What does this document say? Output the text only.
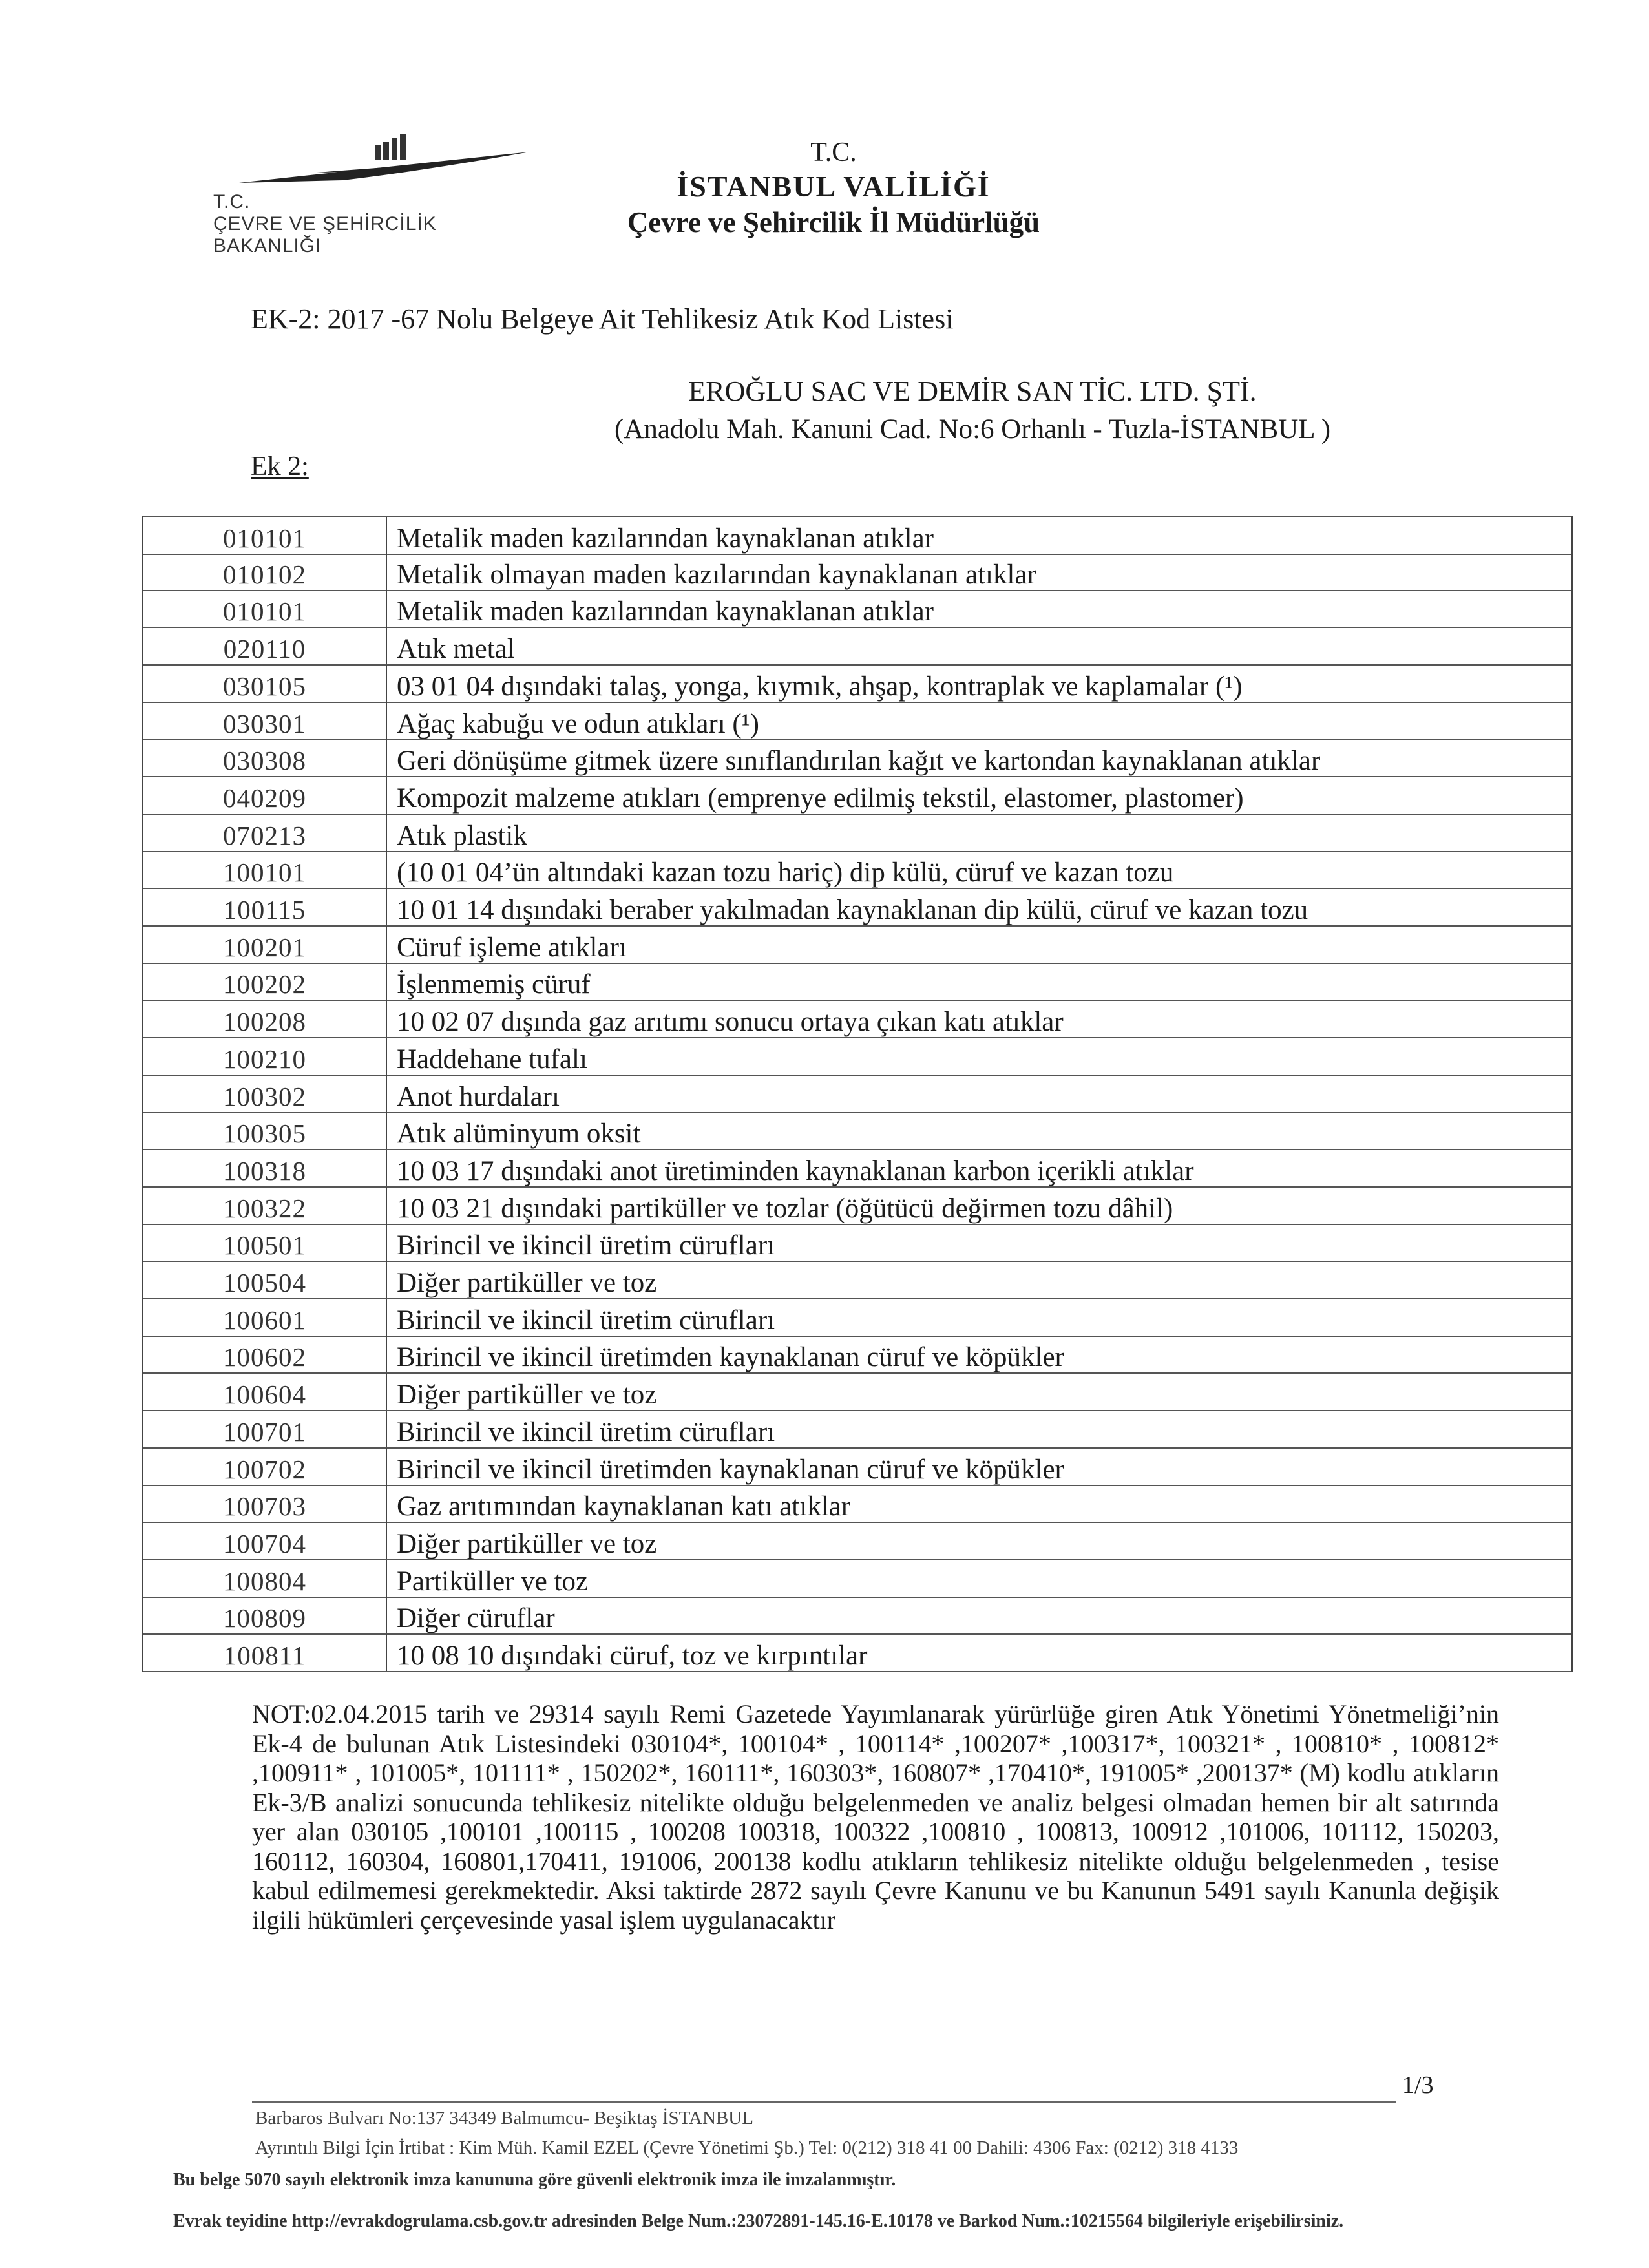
T.C.
ÇEVRE VE ŞEHİRCİLİK
BAKANLIĞI
T.C.
İSTANBUL VALİLİĞİ
Çevre ve Şehircilik İl Müdürlüğü
EK-2: 2017 -67 Nolu Belgeye Ait Tehlikesiz Atık Kod Listesi
EROĞLU SAC VE DEMİR SAN TİC. LTD. ŞTİ.
(Anadolu Mah. Kanuni Cad. No:6 Orhanlı - Tuzla-İSTANBUL )
Ek 2:
010101	Metalik maden kazılarından kaynaklanan atıklar
010102	Metalik olmayan maden kazılarından kaynaklanan atıklar
010101	Metalik maden kazılarından kaynaklanan atıklar
020110	Atık metal
030105	03 01 04 dışındaki talaş, yonga, kıymık, ahşap, kontraplak ve kaplamalar (¹)
030301	Ağaç kabuğu ve odun atıkları (¹)
030308	Geri dönüşüme gitmek üzere sınıflandırılan kağıt ve kartondan kaynaklanan atıklar
040209	Kompozit malzeme atıkları (emprenye edilmiş tekstil, elastomer, plastomer)
070213	Atık plastik
100101	(10 01 04’ün altındaki kazan tozu hariç) dip külü, cüruf ve kazan tozu
100115	10 01 14 dışındaki beraber yakılmadan kaynaklanan dip külü, cüruf ve kazan tozu
100201	Cüruf işleme atıkları
100202	İşlenmemiş cüruf
100208	10 02 07 dışında gaz arıtımı sonucu ortaya çıkan katı atıklar
100210	Haddehane tufalı
100302	Anot hurdaları
100305	Atık alüminyum oksit
100318	10 03 17 dışındaki anot üretiminden kaynaklanan karbon içerikli atıklar
100322	10 03 21 dışındaki partiküller ve tozlar (öğütücü değirmen tozu dâhil)
100501	Birincil ve ikincil üretim cürufları
100504	Diğer partiküller ve toz
100601	Birincil ve ikincil üretim cürufları
100602	Birincil ve ikincil üretimden kaynaklanan cüruf ve köpükler
100604	Diğer partiküller ve toz
100701	Birincil ve ikincil üretim cürufları
100702	Birincil ve ikincil üretimden kaynaklanan cüruf ve köpükler
100703	Gaz arıtımından kaynaklanan katı atıklar
100704	Diğer partiküller ve toz
100804	Partiküller ve toz
100809	Diğer cüruflar
100811	10 08 10 dışındaki cüruf, toz ve kırpıntılar
NOT:02.04.2015 tarih ve 29314 sayılı Remi Gazetede Yayımlanarak yürürlüğe giren Atık Yönetimi Yönetmeliği’nin Ek-4 de bulunan Atık Listesindeki 030104*, 100104* , 100114* ,100207* ,100317*, 100321* , 100810* , 100812* ,100911* , 101005*, 101111* , 150202*, 160111*, 160303*, 160807* ,170410*, 191005* ,200137* (M) kodlu atıkların Ek-3/B analizi sonucunda tehlikesiz nitelikte olduğu belgelenmeden ve analiz belgesi olmadan hemen bir alt satırında yer alan 030105 ,100101 ,100115 , 100208 100318, 100322 ,100810 , 100813, 100912 ,101006, 101112, 150203, 160112, 160304, 160801,170411, 191006, 200138 kodlu atıkların tehlikesiz nitelikte olduğu belgelenmeden , tesise kabul edilmemesi gerekmektedir. Aksi taktirde 2872 sayılı Çevre Kanunu ve bu Kanunun 5491 sayılı Kanunla değişik ilgili hükümleri çerçevesinde yasal işlem uygulanacaktır
1/3
Barbaros Bulvarı No:137 34349 Balmumcu- Beşiktaş İSTANBUL
Ayrıntılı Bilgi İçin İrtibat : Kim Müh. Kamil EZEL (Çevre Yönetimi Şb.) Tel: 0(212) 318 41 00 Dahili: 4306 Fax: (0212) 318 4133
Bu belge 5070 sayılı elektronik imza kanununa göre güvenli elektronik imza ile imzalanmıştır.
Evrak teyidine http://evrakdogrulama.csb.gov.tr adresinden Belge Num.:23072891-145.16-E.10178 ve Barkod Num.:10215564 bilgileriyle erişebilirsiniz.
